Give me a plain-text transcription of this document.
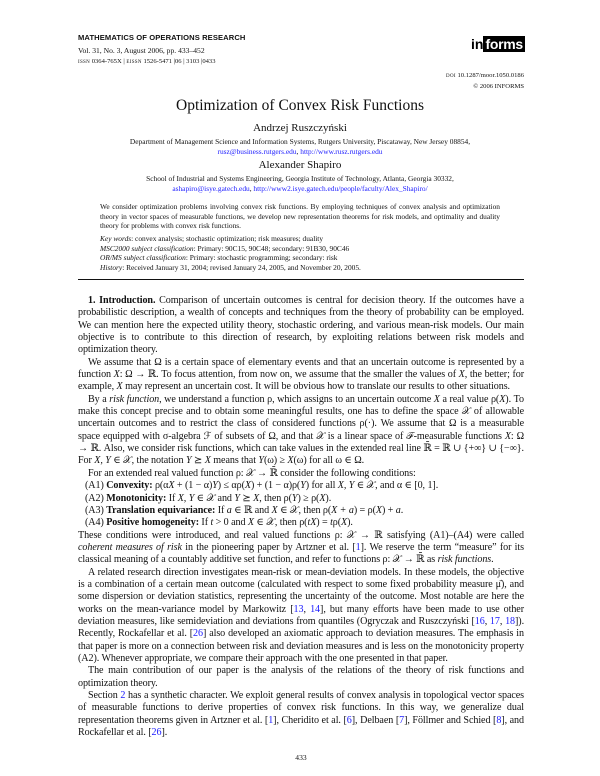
MATHEMATICS OF OPERATIONS RESEARCH
Vol. 31, No. 3, August 2006, pp. 433–452
ISSN 0364-765X | EISSN 1526-5471 |06 | 3103 |0433
in forms
DOI 10.1287/moor.1050.0186
© 2006 INFORMS
Optimization of Convex Risk Functions
Andrzej Ruszczyński
Department of Management Science and Information Systems, Rutgers University, Piscataway, New Jersey 08854,
rusz@business.rutgers.edu, http://www.rusz.rutgers.edu
Alexander Shapiro
School of Industrial and Systems Engineering, Georgia Institute of Technology, Atlanta, Georgia 30332,
ashapiro@isye.gatech.edu, http://www2.isye.gatech.edu/people/faculty/Alex_Shapiro/
We consider optimization problems involving convex risk functions. By employing techniques of convex analysis and optimization theory in vector spaces of measurable functions, we develop new representation theorems for risk models, and optimality and duality theory for problems with convex risk functions.
Key words: convex analysis; stochastic optimization; risk measures; duality
MSC2000 subject classification: Primary: 90C15, 90C48; secondary: 91B30, 90C46
OR/MS subject classification: Primary: stochastic programming; secondary: risk
History: Received January 31, 2004; revised January 24, 2005, and November 20, 2005.

1. Introduction. Comparison of uncertain outcomes is central for decision theory. If the outcomes have a probabilistic description, a wealth of concepts and techniques from the theory of probability can be employed. We can mention here the expected utility theory, stochastic ordering, and various mean-risk models. Our main objective is to contribute to this direction of research, by exploiting relations between risk models and optimization theory.

We assume that Ω is a certain space of elementary events and that an uncertain outcome is represented by a function X: Ω → ℝ. To focus attention, from now on, we assume that the smaller the values of X, the better; for example, X may represent an uncertain cost. It will be obvious how to translate our results to other situations.

By a risk function, we understand a function ρ, which assigns to an uncertain outcome X a real value ρ(X). To make this concept precise and to obtain some meaningful results, one has to define the space 𝒳 of allowable uncertain outcomes and to restrict the class of considered functions ρ(·). We assume that Ω is a measurable space equipped with σ-algebra ℱ of subsets of Ω, and that 𝒳 is a linear space of ℱ-measurable functions X: Ω → ℝ. Also, we consider risk functions, which can take values in the extended real line ℝ̄ = ℝ ∪ {+∞} ∪ {−∞}. For X, Y ∈ 𝒳, the notation Y ⪰ X means that Y(ω) ≥ X(ω) for all ω ∈ Ω.

For an extended real valued function ρ: 𝒳 → ℝ̄ consider the following conditions:

(A1) Convexity: ρ(αX + (1 − α)Y) ≤ αρ(X) + (1 − α)ρ(Y) for all X, Y ∈ 𝒳, and α ∈ [0, 1].

(A2) Monotonicity: If X, Y ∈ 𝒳 and Y ⪰ X, then ρ(Y) ≥ ρ(X).

(A3) Translation equivariance: If a ∈ ℝ and X ∈ 𝒳, then ρ(X + a) = ρ(X) + a.

(A4) Positive homogeneity: If t > 0 and X ∈ 𝒳, then ρ(tX) = tρ(X).

These conditions were introduced, and real valued functions ρ: 𝒳 → ℝ satisfying (A1)–(A4) were called coherent measures of risk in the pioneering paper by Artzner et al. [1]. We reserve the term “measure” for its classical meaning of a countably additive set function, and refer to functions ρ: 𝒳 → ℝ̄ as risk functions.

A related research direction investigates mean-risk or mean-deviation models. In these models, the objective is a combination of a certain mean outcome (calculated with respect to some fixed probability measure μ̄), and some dispersion or deviation statistics, representing the uncertainty of the outcome. Most notable are here the works on the mean-variance model by Markowitz [13, 14], but many efforts have been made to use other deviation measures, like semideviation and deviations from quantiles (Ogryczak and Ruszczyński [16, 17, 18]). Recently, Rockafellar et al. [26] also developed an axiomatic approach to deviation measures. The emphasis in that paper is more on a connection between risk and deviation measures and is less on the monotonicity property (A2). Whenever appropriate, we compare their approach with the one presented in that paper.

The main contribution of our paper is the analysis of the relations of the theory of risk functions and optimization theory.

Section 2 has a synthetic character. We exploit general results of convex analysis in topological vector spaces of measurable functions to derive properties of convex risk functions. In this way, we generalize dual representation theorems given in Artzner et al. [1], Cheridito et al. [6], Delbaen [7], Föllmer and Schied [8], and Rockafellar et al. [26].

433
